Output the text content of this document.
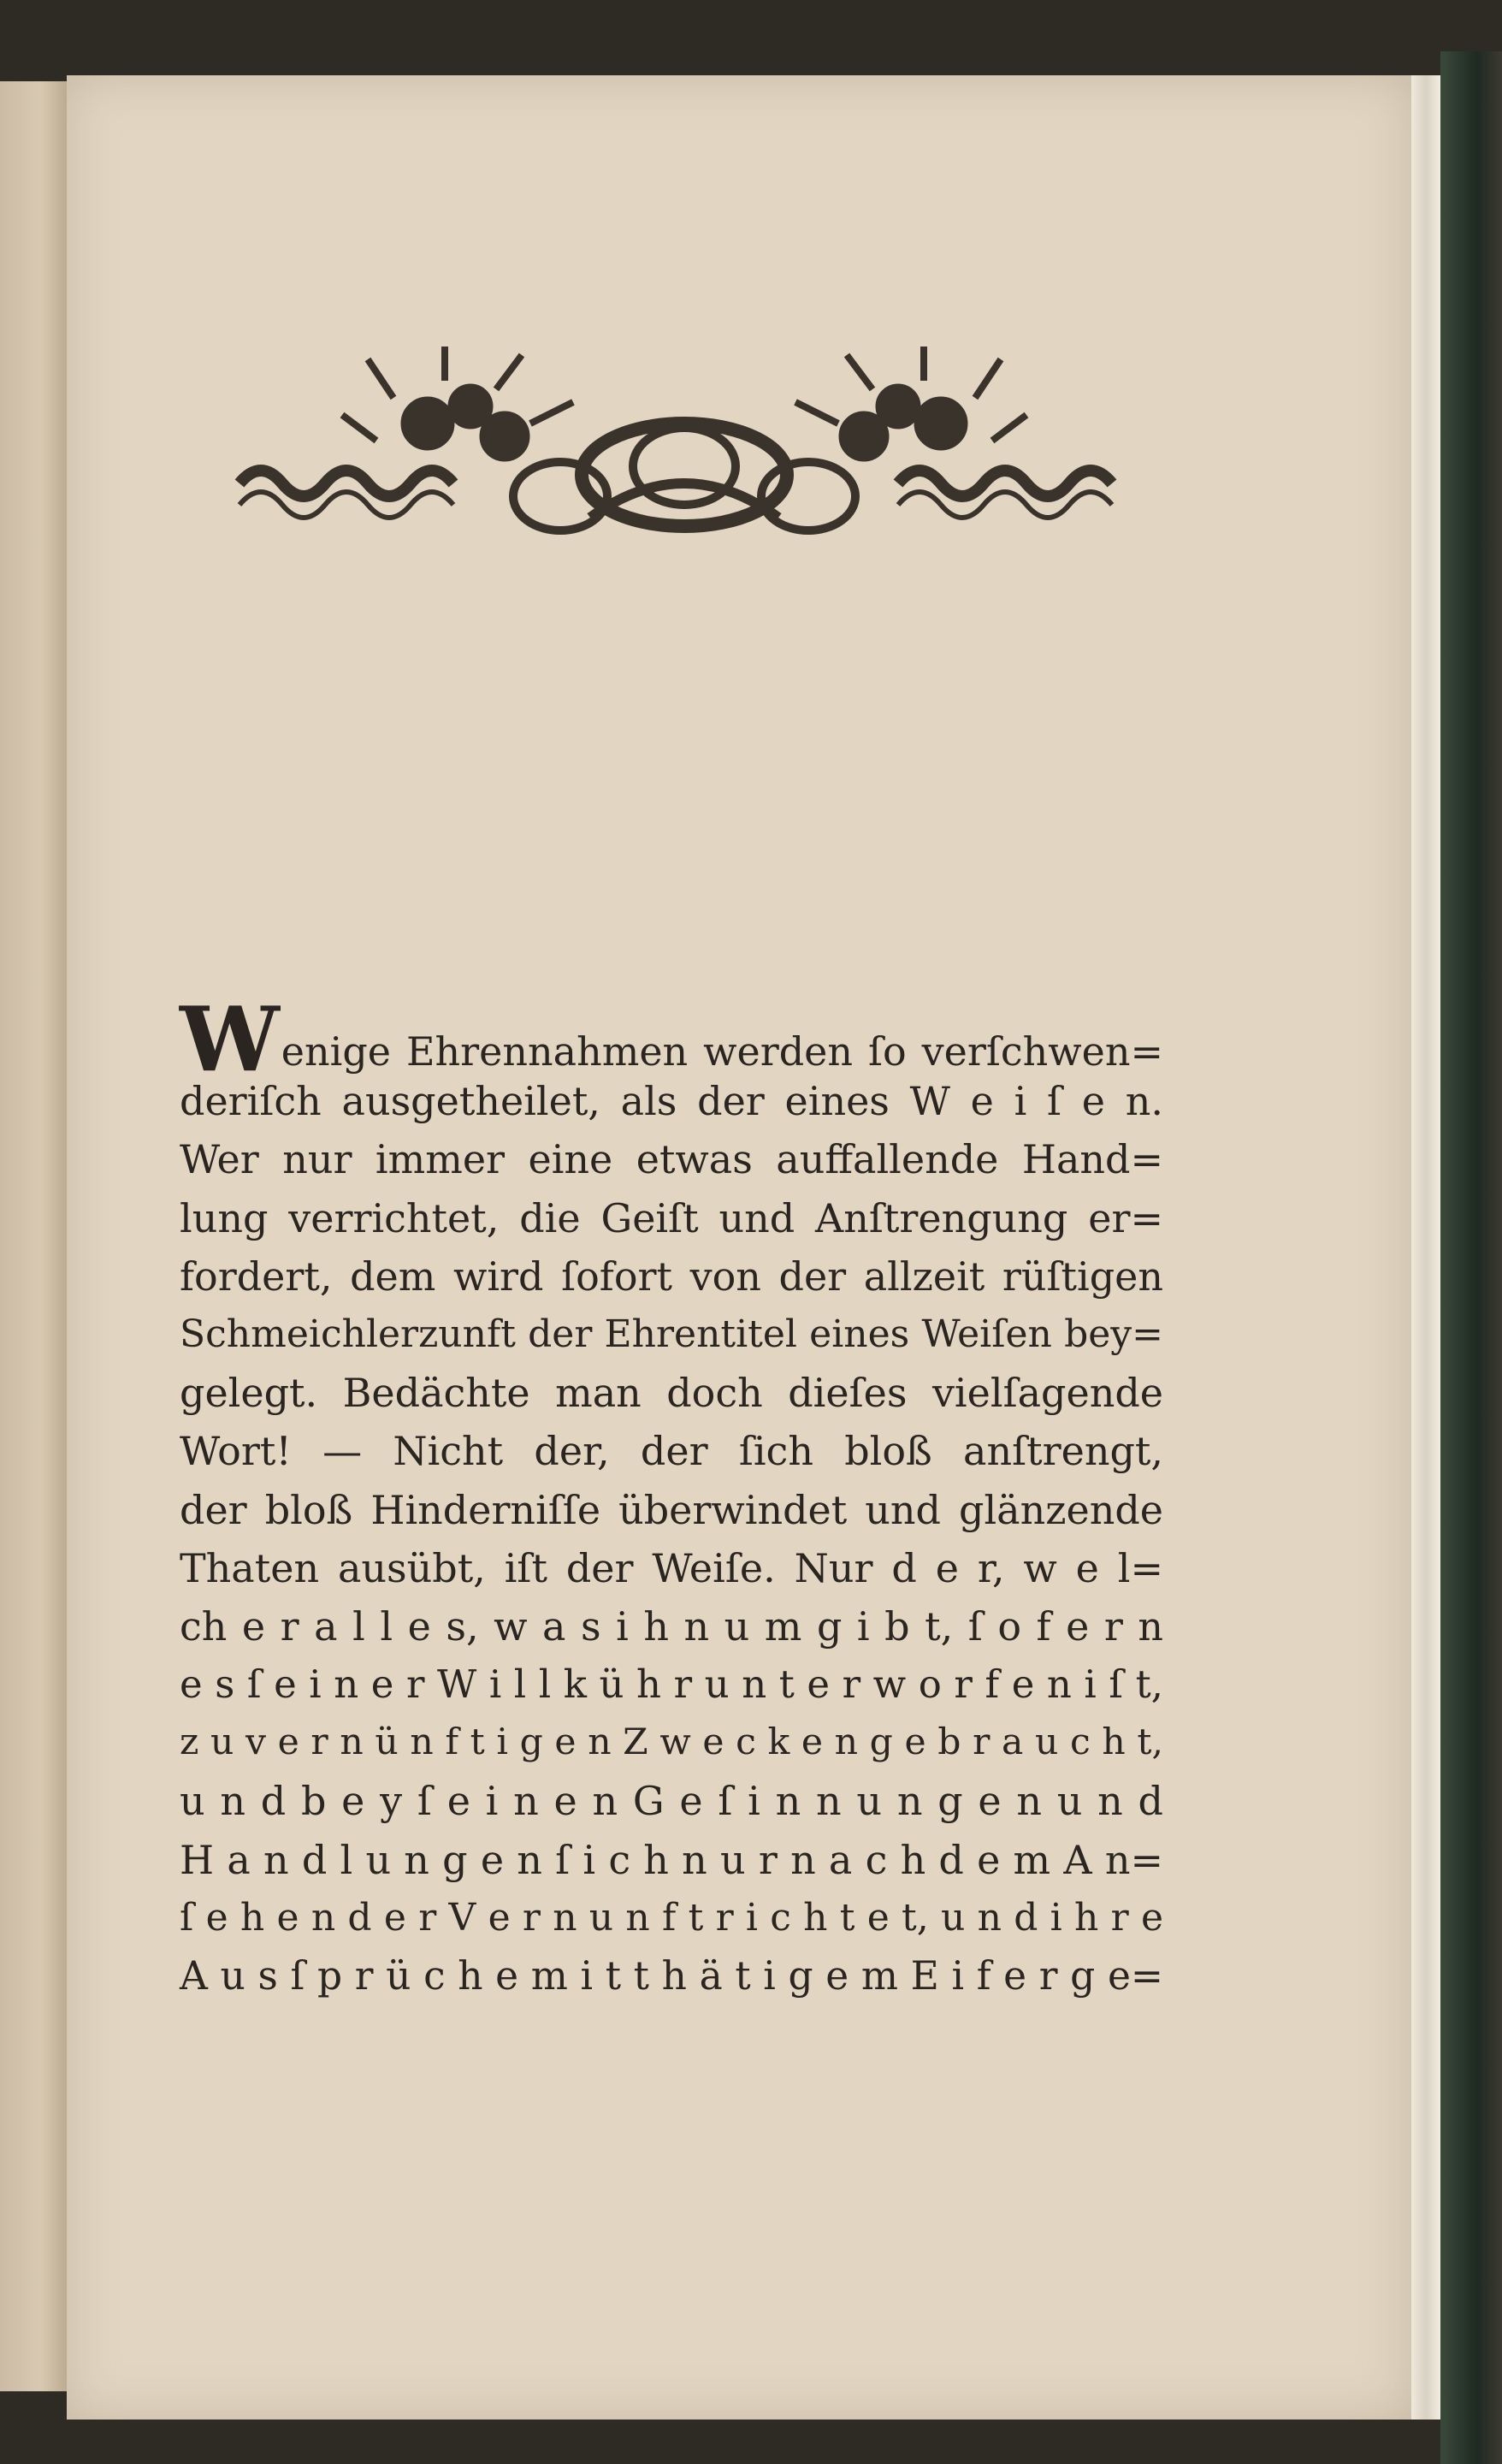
Wenige Ehrennahmen werden ſo verſchwen=
deriſch ausgetheilet, als der eines W e i ſ e n.
Wer nur immer eine etwas auffallende Hand=
lung verrichtet, die Geiſt und Anſtrengung er=
fordert, dem wird ſofort von der allzeit rüſtigen
Schmeichlerzunft der Ehrentitel eines Weiſen bey=
gelegt. Bedächte man doch dieſes vielſagende
Wort! — Nicht der, der ſich bloß anſtrengt,
der bloß Hinderniſſe überwindet und glänzende
Thaten ausübt, iſt der Weiſe. Nur d e r, w e l=
ch e r a l l e s, w a s i h n u m g i b t, ſ o f e r n
e s ſ e i n e r W i l l k ü h r u n t e r w o r f e n i ſ t,
z u v e r n ü n f t i g e n Z w e c k e n g e b r a u c h t,
u n d b e y ſ e i n e n G e ſ i n n u n g e n u n d
H a n d l u n g e n ſ i c h n u r n a c h d e m A n=
ſ e h e n d e r V e r n u n f t r i c h t e t, u n d i h r e
A u s ſ p r ü c h e m i t t h ä t i g e m E i f e r g e=
